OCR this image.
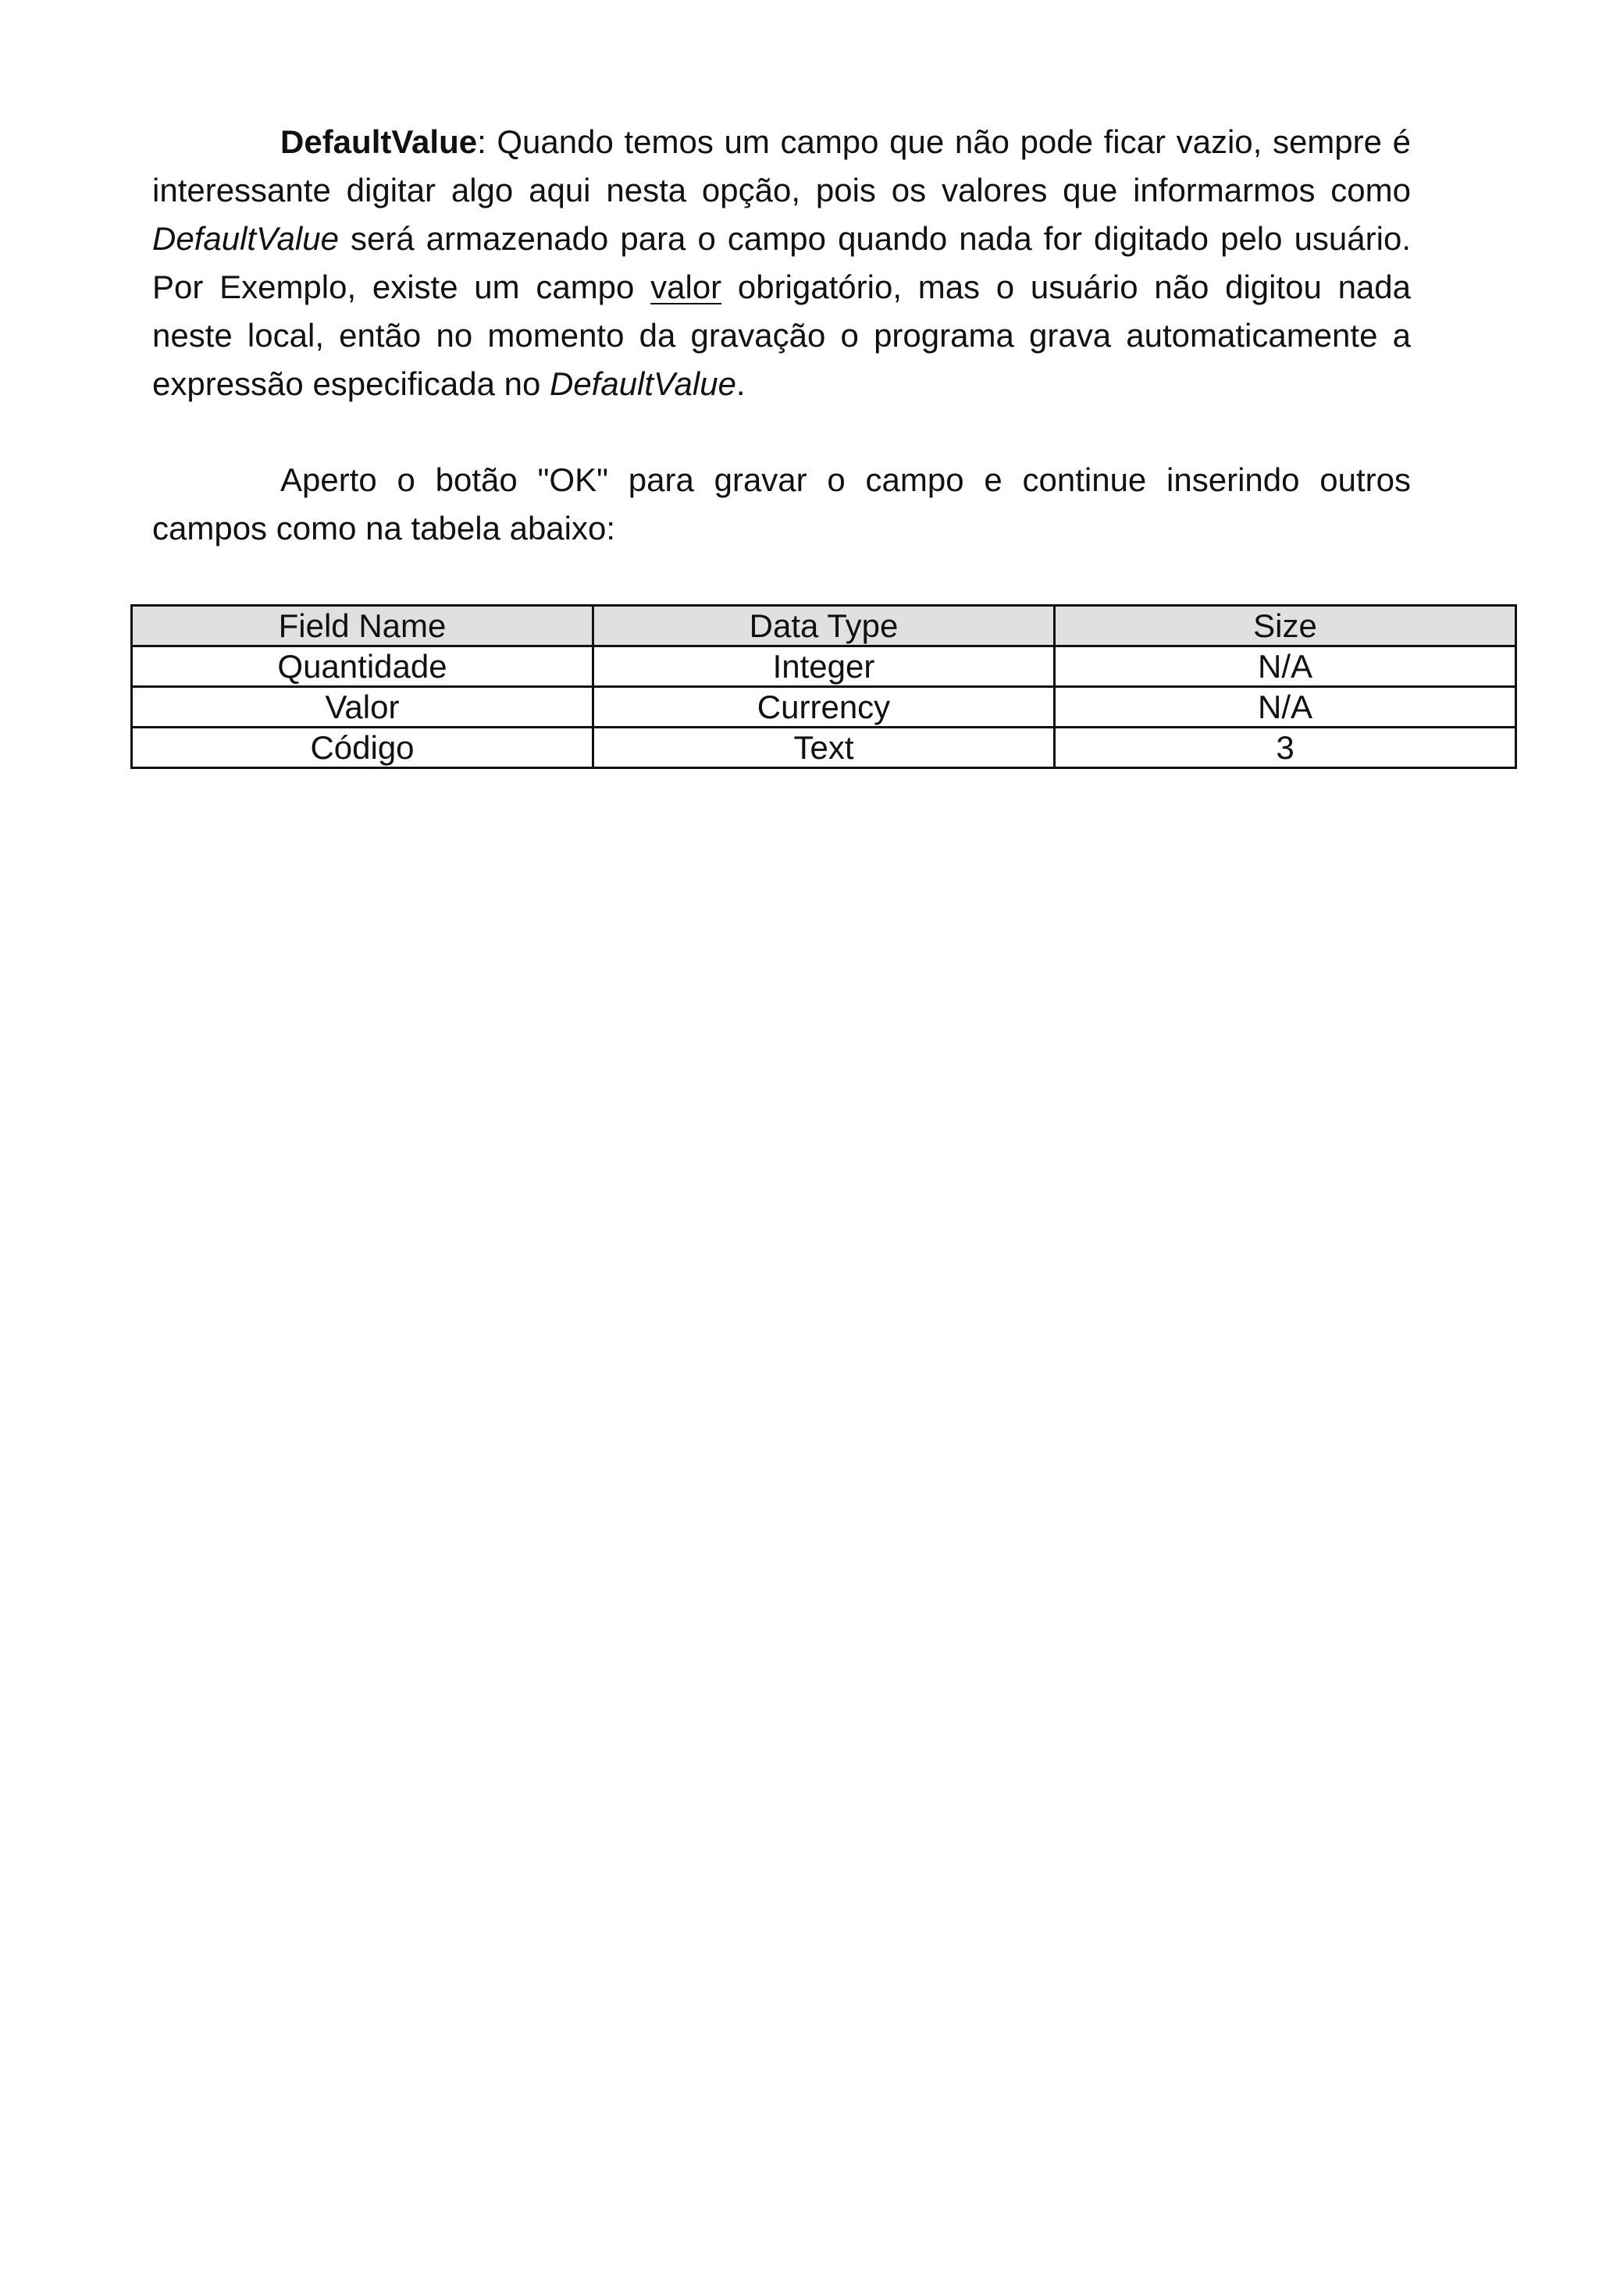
DefaultValue: Quando temos um campo que não pode ficar vazio, sempre é interessante digitar algo aqui nesta opção, pois os valores que informarmos como DefaultValue será armazenado para o campo quando nada for digitado pelo usuário. Por Exemplo, existe um campo valor obrigatório, mas o usuário não digitou nada neste local, então no momento da gravação o programa grava automaticamente a expressão especificada no DefaultValue.

Aperto o botão "OK" para gravar o campo e continue inserindo outros campos como na tabela abaixo:

Field Name	Data Type	Size
Quantidade	Integer	N/A
Valor	Currency	N/A
Código	Text	3
